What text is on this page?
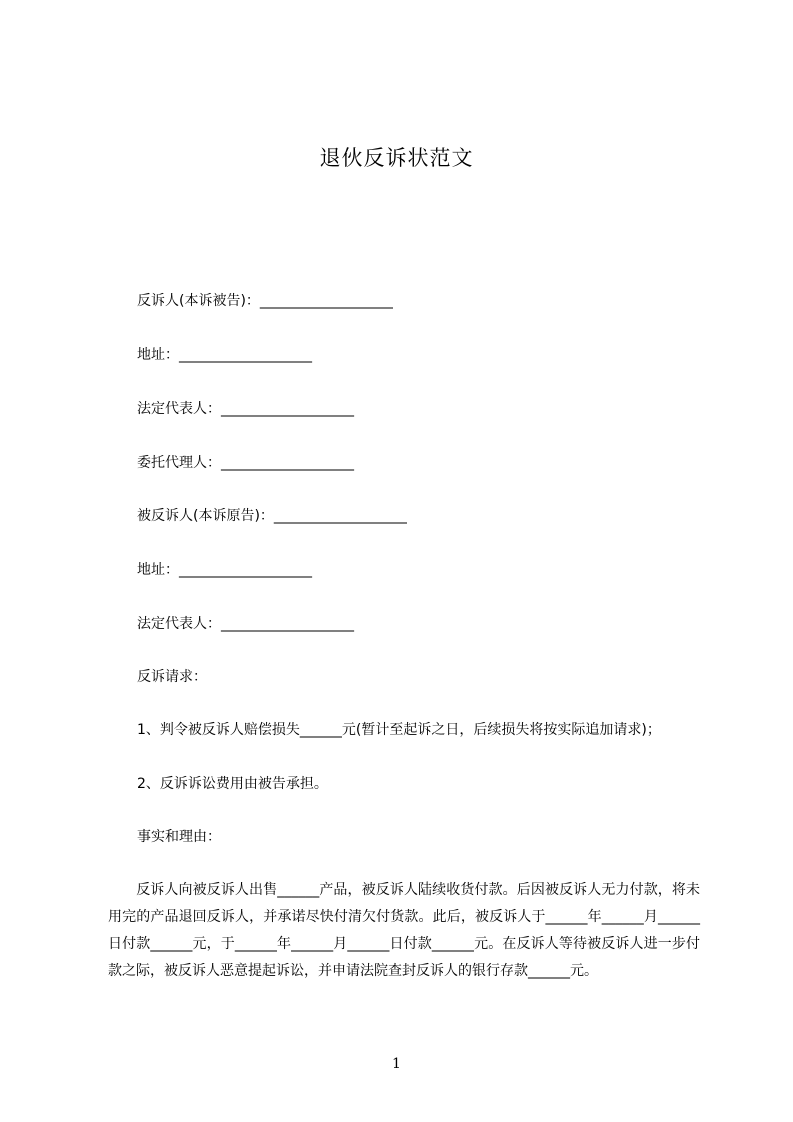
退伙反诉状范文
反诉人(本诉被告)：___________________
地址：___________________
法定代表人：___________________
委托代理人：___________________
被反诉人(本诉原告)：___________________
地址：___________________
法定代表人：___________________
反诉请求：
1、判令被反诉人赔偿损失______元(暂计至起诉之日，后续损失将按实际追加请求)；
2、反诉诉讼费用由被告承担。
事实和理由：
　　反诉人向被反诉人出售______产品，被反诉人陆续收货付款。后因被反诉人无力付款，将未用完的产品退回反诉人，并承诺尽快付清欠付货款。此后，被反诉人于______年______月______日付款______元，于______年______月______日付款______元。在反诉人等待被反诉人进一步付款之际，被反诉人恶意提起诉讼，并申请法院查封反诉人的银行存款______元。
1
